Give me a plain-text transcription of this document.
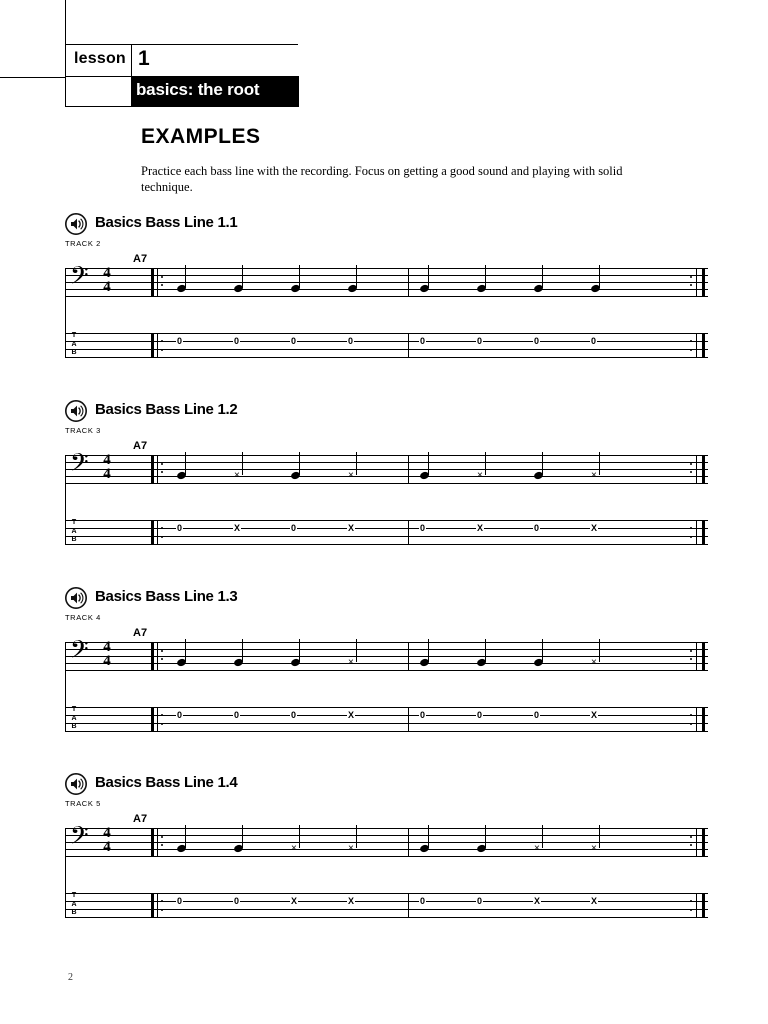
lesson 1
basics: the root
EXAMPLES
Practice each bass line with the recording. Focus on getting a good sound and playing with solid technique.
Basics Bass Line 1.1
TRACK 2
A7
𝄢 4
4
T
A
B
0	0	0	0	0	0	0	0
Basics Bass Line 1.2
TRACK 3
A7
𝄢 4
4
T
A
B
0
×
X	0
×
X	0
×
X	0
×
X
Basics Bass Line 1.3
TRACK 4
A7
𝄢 4
4
T
A
B
0	0	0
×
X	0	0	0
×
X
Basics Bass Line 1.4
TRACK 5
A7
𝄢 4
4
T
A
B
0	0
×
X
×
X	0	0
×
X
×
X
2
